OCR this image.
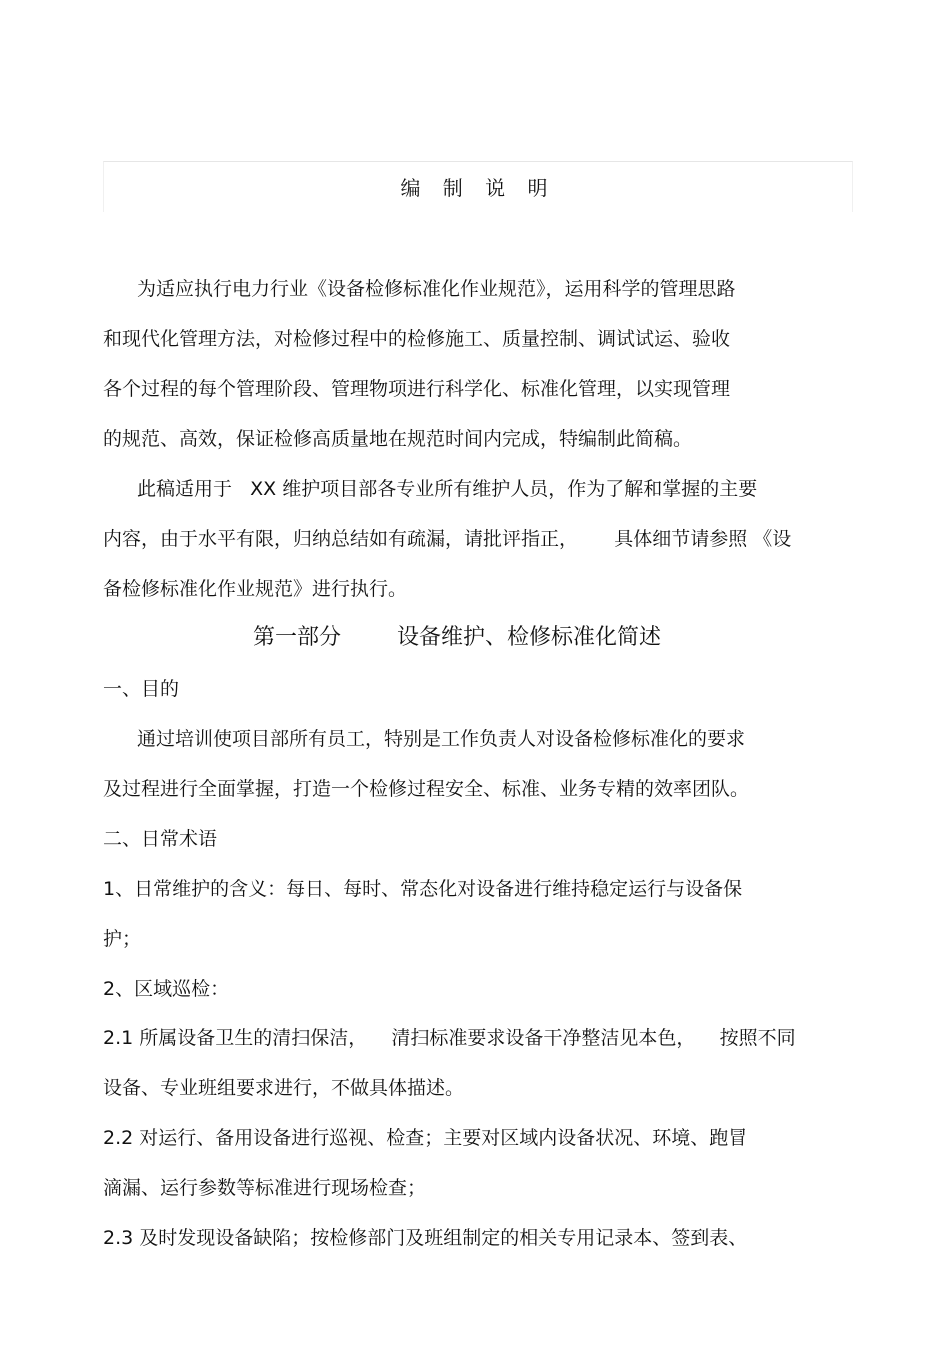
编 制 说 明
为适应执行电力行业《设备检修标准化作业规范》，运用科学的管理思路
和现代化管理方法，对检修过程中的检修施工、质量控制、调试试运、验收
各个过程的每个管理阶段、管理物项进行科学化、标准化管理，以实现管理
的规范、高效，保证检修高质量地在规范时间内完成，特编制此简稿。
此稿适用于   XX 维护项目部各专业所有维护人员，作为了解和掌握的主要
内容，由于水平有限，归纳总结如有疏漏，请批评指正，      具体细节请参照 《设
备检修标准化作业规范》进行执行。
第一部分        设备维护、检修标准化简述
一、目的
通过培训使项目部所有员工，特别是工作负责人对设备检修标准化的要求
及过程进行全面掌握，打造一个检修过程安全、标准、业务专精的效率团队。
二、日常术语
1、日常维护的含义：每日、每时、常态化对设备进行维持稳定运行与设备保
护；
2、区域巡检：
2.1 所属设备卫生的清扫保洁，    清扫标准要求设备干净整洁见本色，    按照不同
设备、专业班组要求进行，不做具体描述。
2.2 对运行、备用设备进行巡视、检查；主要对区域内设备状况、环境、跑冒
滴漏、运行参数等标准进行现场检查；
2.3 及时发现设备缺陷；按检修部门及班组制定的相关专用记录本、签到表、
